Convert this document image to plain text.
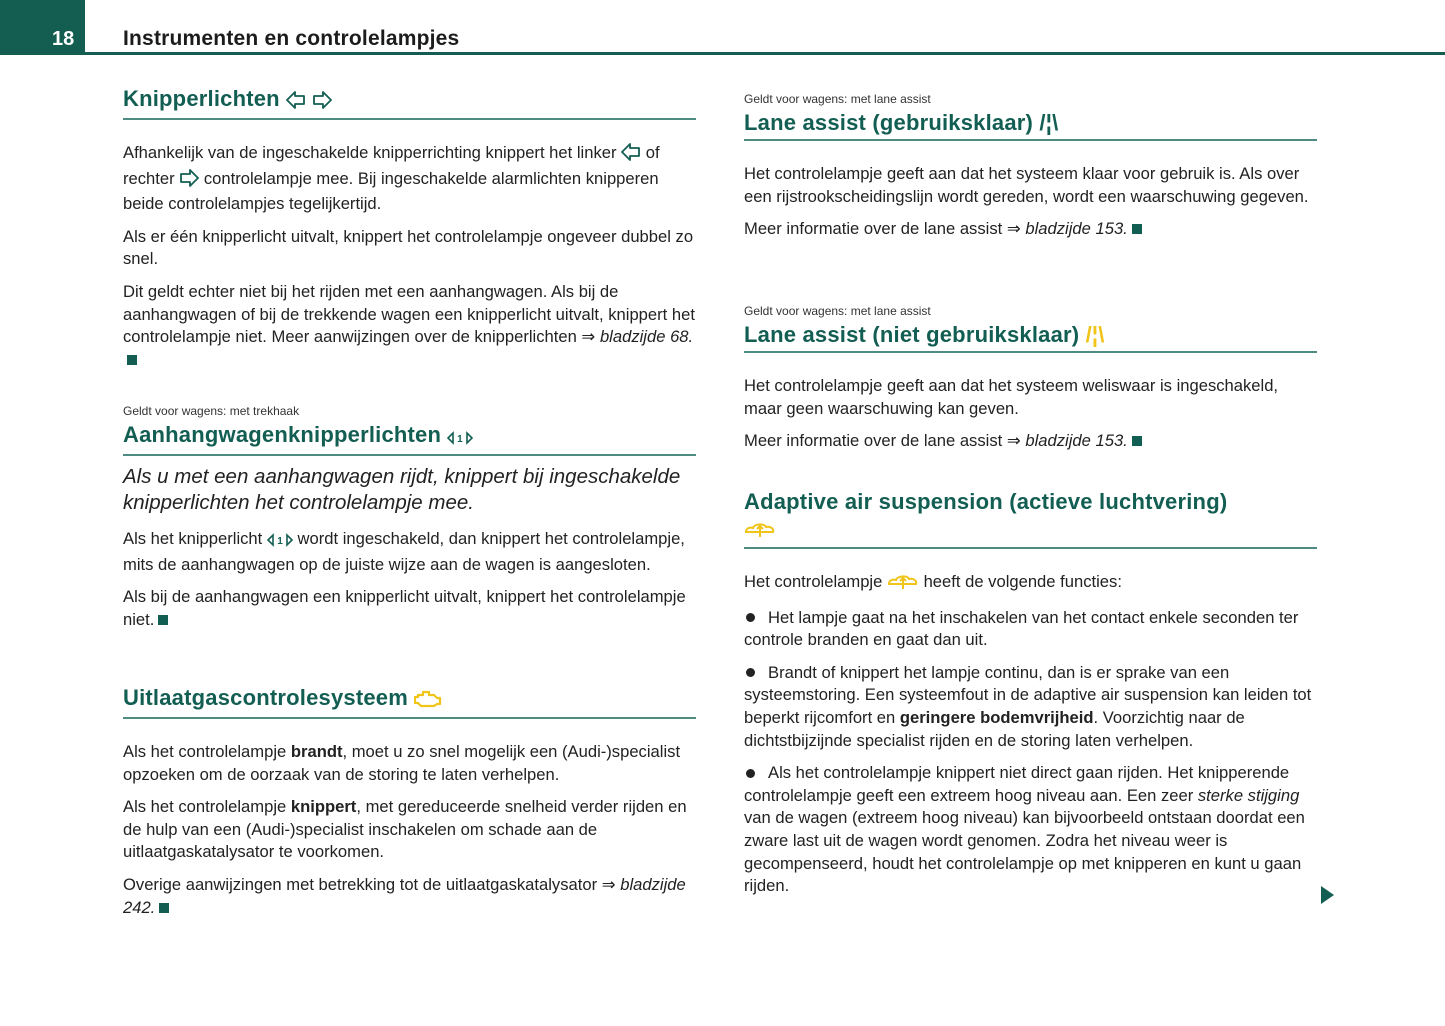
18 Instrumenten en controlelampjes
Knipperlichten

Afhankelijk van de ingeschakelde knipperrichting knippert het linker  of rechter  controlelampje mee. Bij ingeschakelde alarmlichten knipperen beide controlelampjes tegelijkertijd.

Als er één knipperlicht uitvalt, knippert het controlelampje ongeveer dubbel zo snel.

Dit geldt echter niet bij het rijden met een aanhangwagen. Als bij de aanhangwagen of bij de trekkende wagen een knipperlicht uitvalt, knippert het controlelampje niet. Meer aanwijzingen over de knipperlichten ⇒ bladzijde 68.

Geldt voor wagens: met trekhaak
Aanhangwagenknipperlichten 1
Als u met een aanhangwagen rijdt, knippert bij ingeschakelde knipperlichten het controlelampje mee.

Als het knipperlicht 1 wordt ingeschakeld, dan knippert het controlelampje, mits de aanhangwagen op de juiste wijze aan de wagen is aangesloten.

Als bij de aanhangwagen een knipperlicht uitvalt, knippert het controlelampje niet.

Uitlaatgascontrolesysteem

Als het controlelampje brandt, moet u zo snel mogelijk een (Audi-)specialist opzoeken om de oorzaak van de storing te laten verhelpen.

Als het controlelampje knippert, met gereduceerde snelheid verder rijden en de hulp van een (Audi-)specialist inschakelen om schade aan de uitlaatgaskatalysator te voorkomen.

Overige aanwijzingen met betrekking tot de uitlaatgaskatalysator ⇒ bladzijde 242.

Geldt voor wagens: met lane assist
Lane assist (gebruiksklaar) /¦\

Het controlelampje geeft aan dat het systeem klaar voor gebruik is. Als over een rijstrookscheidingslijn wordt gereden, wordt een waarschuwing gegeven.

Meer informatie over de lane assist ⇒ bladzijde 153.

Geldt voor wagens: met lane assist
Lane assist (niet gebruiksklaar) /¦\

Het controlelampje geeft aan dat het systeem weliswaar is ingeschakeld, maar geen waarschuwing kan geven.

Meer informatie over de lane assist ⇒ bladzijde 153.

Adaptive air suspension (actieve luchtvering)

Het controlelampje  heeft de volgende functies:

Het lampje gaat na het inschakelen van het contact enkele seconden ter controle branden en gaat dan uit.

Brandt of knippert het lampje continu, dan is er sprake van een systeemstoring. Een systeemfout in de adaptive air suspension kan leiden tot beperkt rijcomfort en geringere bodemvrijheid. Voorzichtig naar de dichtstbijzijnde specialist rijden en de storing laten verhelpen.

Als het controlelampje knippert niet direct gaan rijden. Het knipperende controlelampje geeft een extreem hoog niveau aan. Een zeer sterke stijging van de wagen (extreem hoog niveau) kan bijvoorbeeld ontstaan doordat een zware last uit de wagen wordt genomen. Zodra het niveau weer is gecompenseerd, houdt het controlelampje op met knipperen en kunt u gaan rijden.
